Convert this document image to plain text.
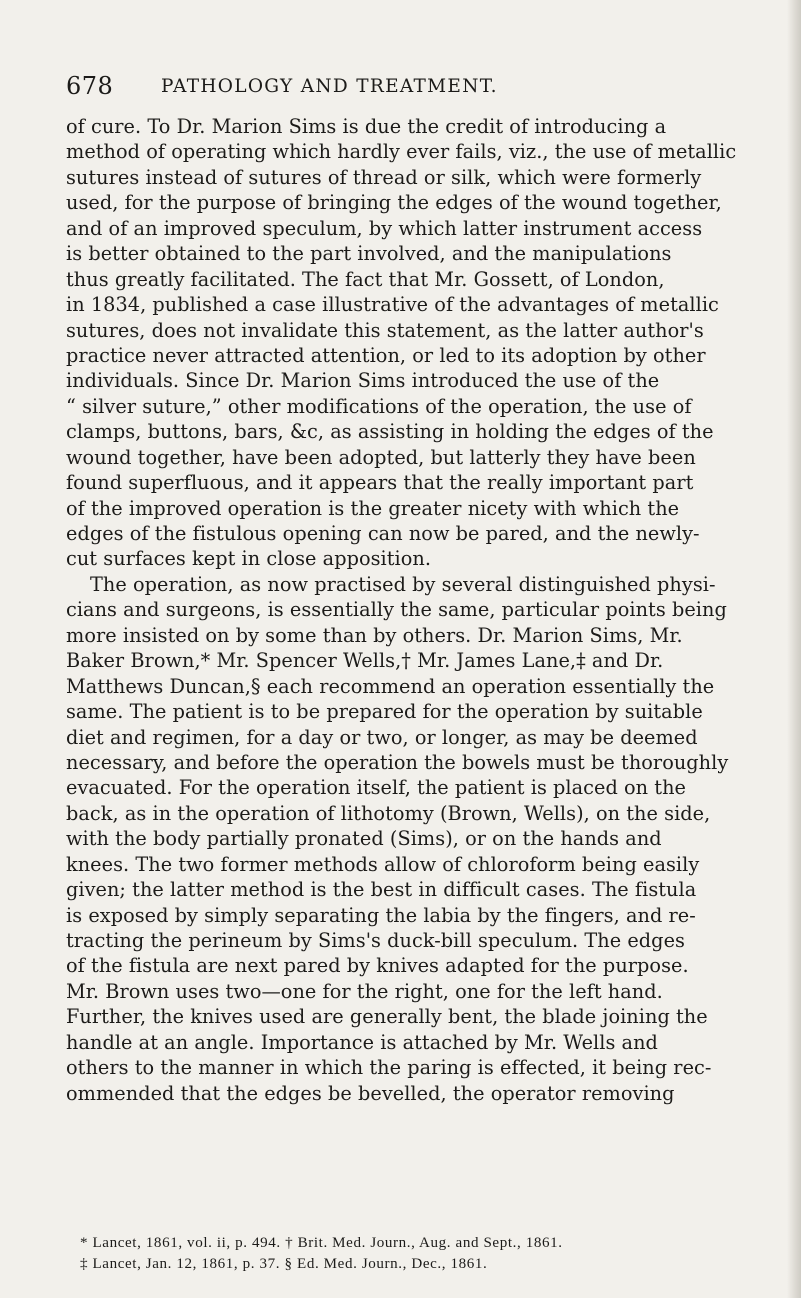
678	PATHOLOGY AND TREATMENT.
of cure. To Dr. Marion Sims is due the credit of introducing a
method of operating which hardly ever fails, viz., the use of metallic
sutures instead of sutures of thread or silk, which were formerly
used, for the purpose of bringing the edges of the wound together,
and of an improved speculum, by which latter instrument access
is better obtained to the part involved, and the manipulations
thus greatly facilitated. The fact that Mr. Gossett, of London,
in 1834, published a case illustrative of the advantages of metallic
sutures, does not invalidate this statement, as the latter author's
practice never attracted attention, or led to its adoption by other
individuals. Since Dr. Marion Sims introduced the use of the
“ silver suture,” other modifications of the operation, the use of
clamps, buttons, bars, &c, as assisting in holding the edges of the
wound together, have been adopted, but latterly they have been
found superfluous, and it appears that the really important part
of the improved operation is the greater nicety with which the
edges of the fistulous opening can now be pared, and the newly-
cut surfaces kept in close apposition.
The operation, as now practised by several distinguished physi-
cians and surgeons, is essentially the same, particular points being
more insisted on by some than by others. Dr. Marion Sims, Mr.
Baker Brown,* Mr. Spencer Wells,† Mr. James Lane,‡ and Dr.
Matthews Duncan,§ each recommend an operation essentially the
same. The patient is to be prepared for the operation by suitable
diet and regimen, for a day or two, or longer, as may be deemed
necessary, and before the operation the bowels must be thoroughly
evacuated. For the operation itself, the patient is placed on the
back, as in the operation of lithotomy (Brown, Wells), on the side,
with the body partially pronated (Sims), or on the hands and
knees. The two former methods allow of chloroform being easily
given; the latter method is the best in difficult cases. The fistula
is exposed by simply separating the labia by the fingers, and re-
tracting the perineum by Sims's duck-bill speculum. The edges
of the fistula are next pared by knives adapted for the purpose.
Mr. Brown uses two—one for the right, one for the left hand.
Further, the knives used are generally bent, the blade joining the
handle at an angle. Importance is attached by Mr. Wells and
others to the manner in which the paring is effected, it being rec-
ommended that the edges be bevelled, the operator removing
* Lancet, 1861, vol. ii, p. 494. † Brit. Med. Journ., Aug. and Sept., 1861.
‡ Lancet, Jan. 12, 1861, p. 37. § Ed. Med. Journ., Dec., 1861.
